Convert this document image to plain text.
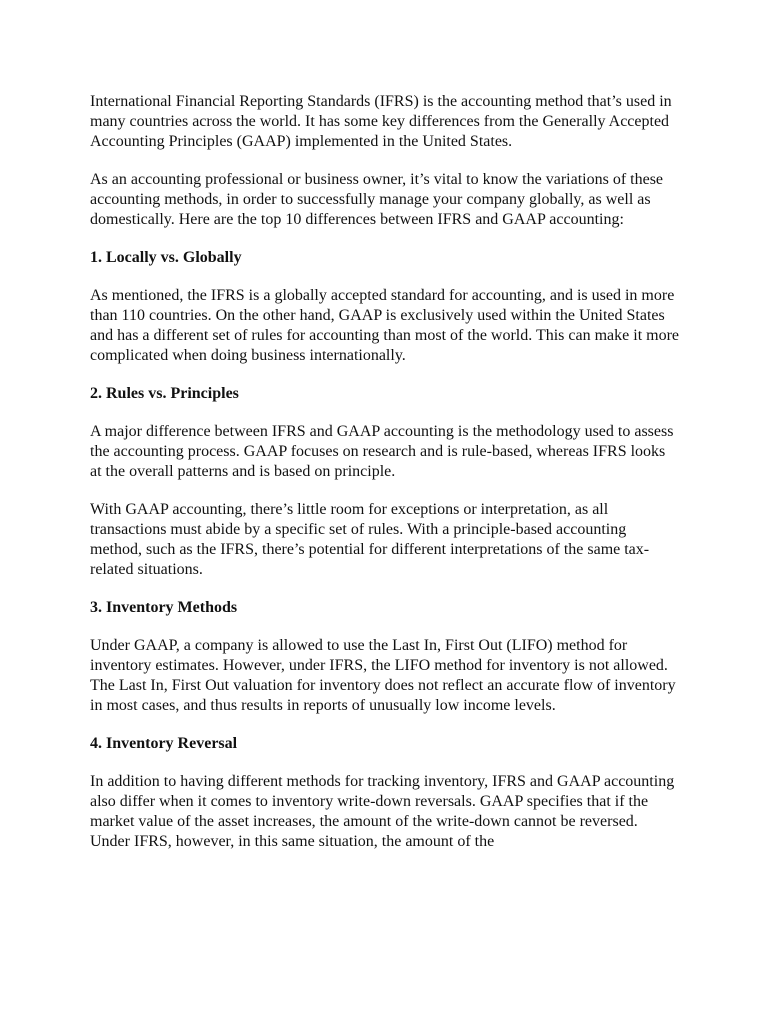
International Financial Reporting Standards (IFRS) is the accounting method that’s used in many countries across the world. It has some key differences from the Generally Accepted Accounting Principles (GAAP) implemented in the United States.

As an accounting professional or business owner, it’s vital to know the variations of these accounting methods, in order to successfully manage your company globally, as well as domestically. Here are the top 10 differences between IFRS and GAAP accounting:

1. Locally vs. Globally

As mentioned, the IFRS is a globally accepted standard for accounting, and is used in more than 110 countries. On the other hand, GAAP is exclusively used within the United States and has a different set of rules for accounting than most of the world. This can make it more complicated when doing business internationally.

2. Rules vs. Principles

A major difference between IFRS and GAAP accounting is the methodology used to assess the accounting process. GAAP focuses on research and is rule-based, whereas IFRS looks at the overall patterns and is based on principle.

With GAAP accounting, there’s little room for exceptions or interpretation, as all transactions must abide by a specific set of rules. With a principle-based accounting method, such as the IFRS, there’s potential for different interpretations of the same tax-related situations.

3. Inventory Methods

Under GAAP, a company is allowed to use the Last In, First Out (LIFO) method for inventory estimates. However, under IFRS, the LIFO method for inventory is not allowed. The Last In, First Out valuation for inventory does not reflect an accurate flow of inventory in most cases, and thus results in reports of unusually low income levels.

4. Inventory Reversal

In addition to having different methods for tracking inventory, IFRS and GAAP accounting also differ when it comes to inventory write-down reversals. GAAP specifies that if the market value of the asset increases, the amount of the write-down cannot be reversed. Under IFRS, however, in this same situation, the amount of the
